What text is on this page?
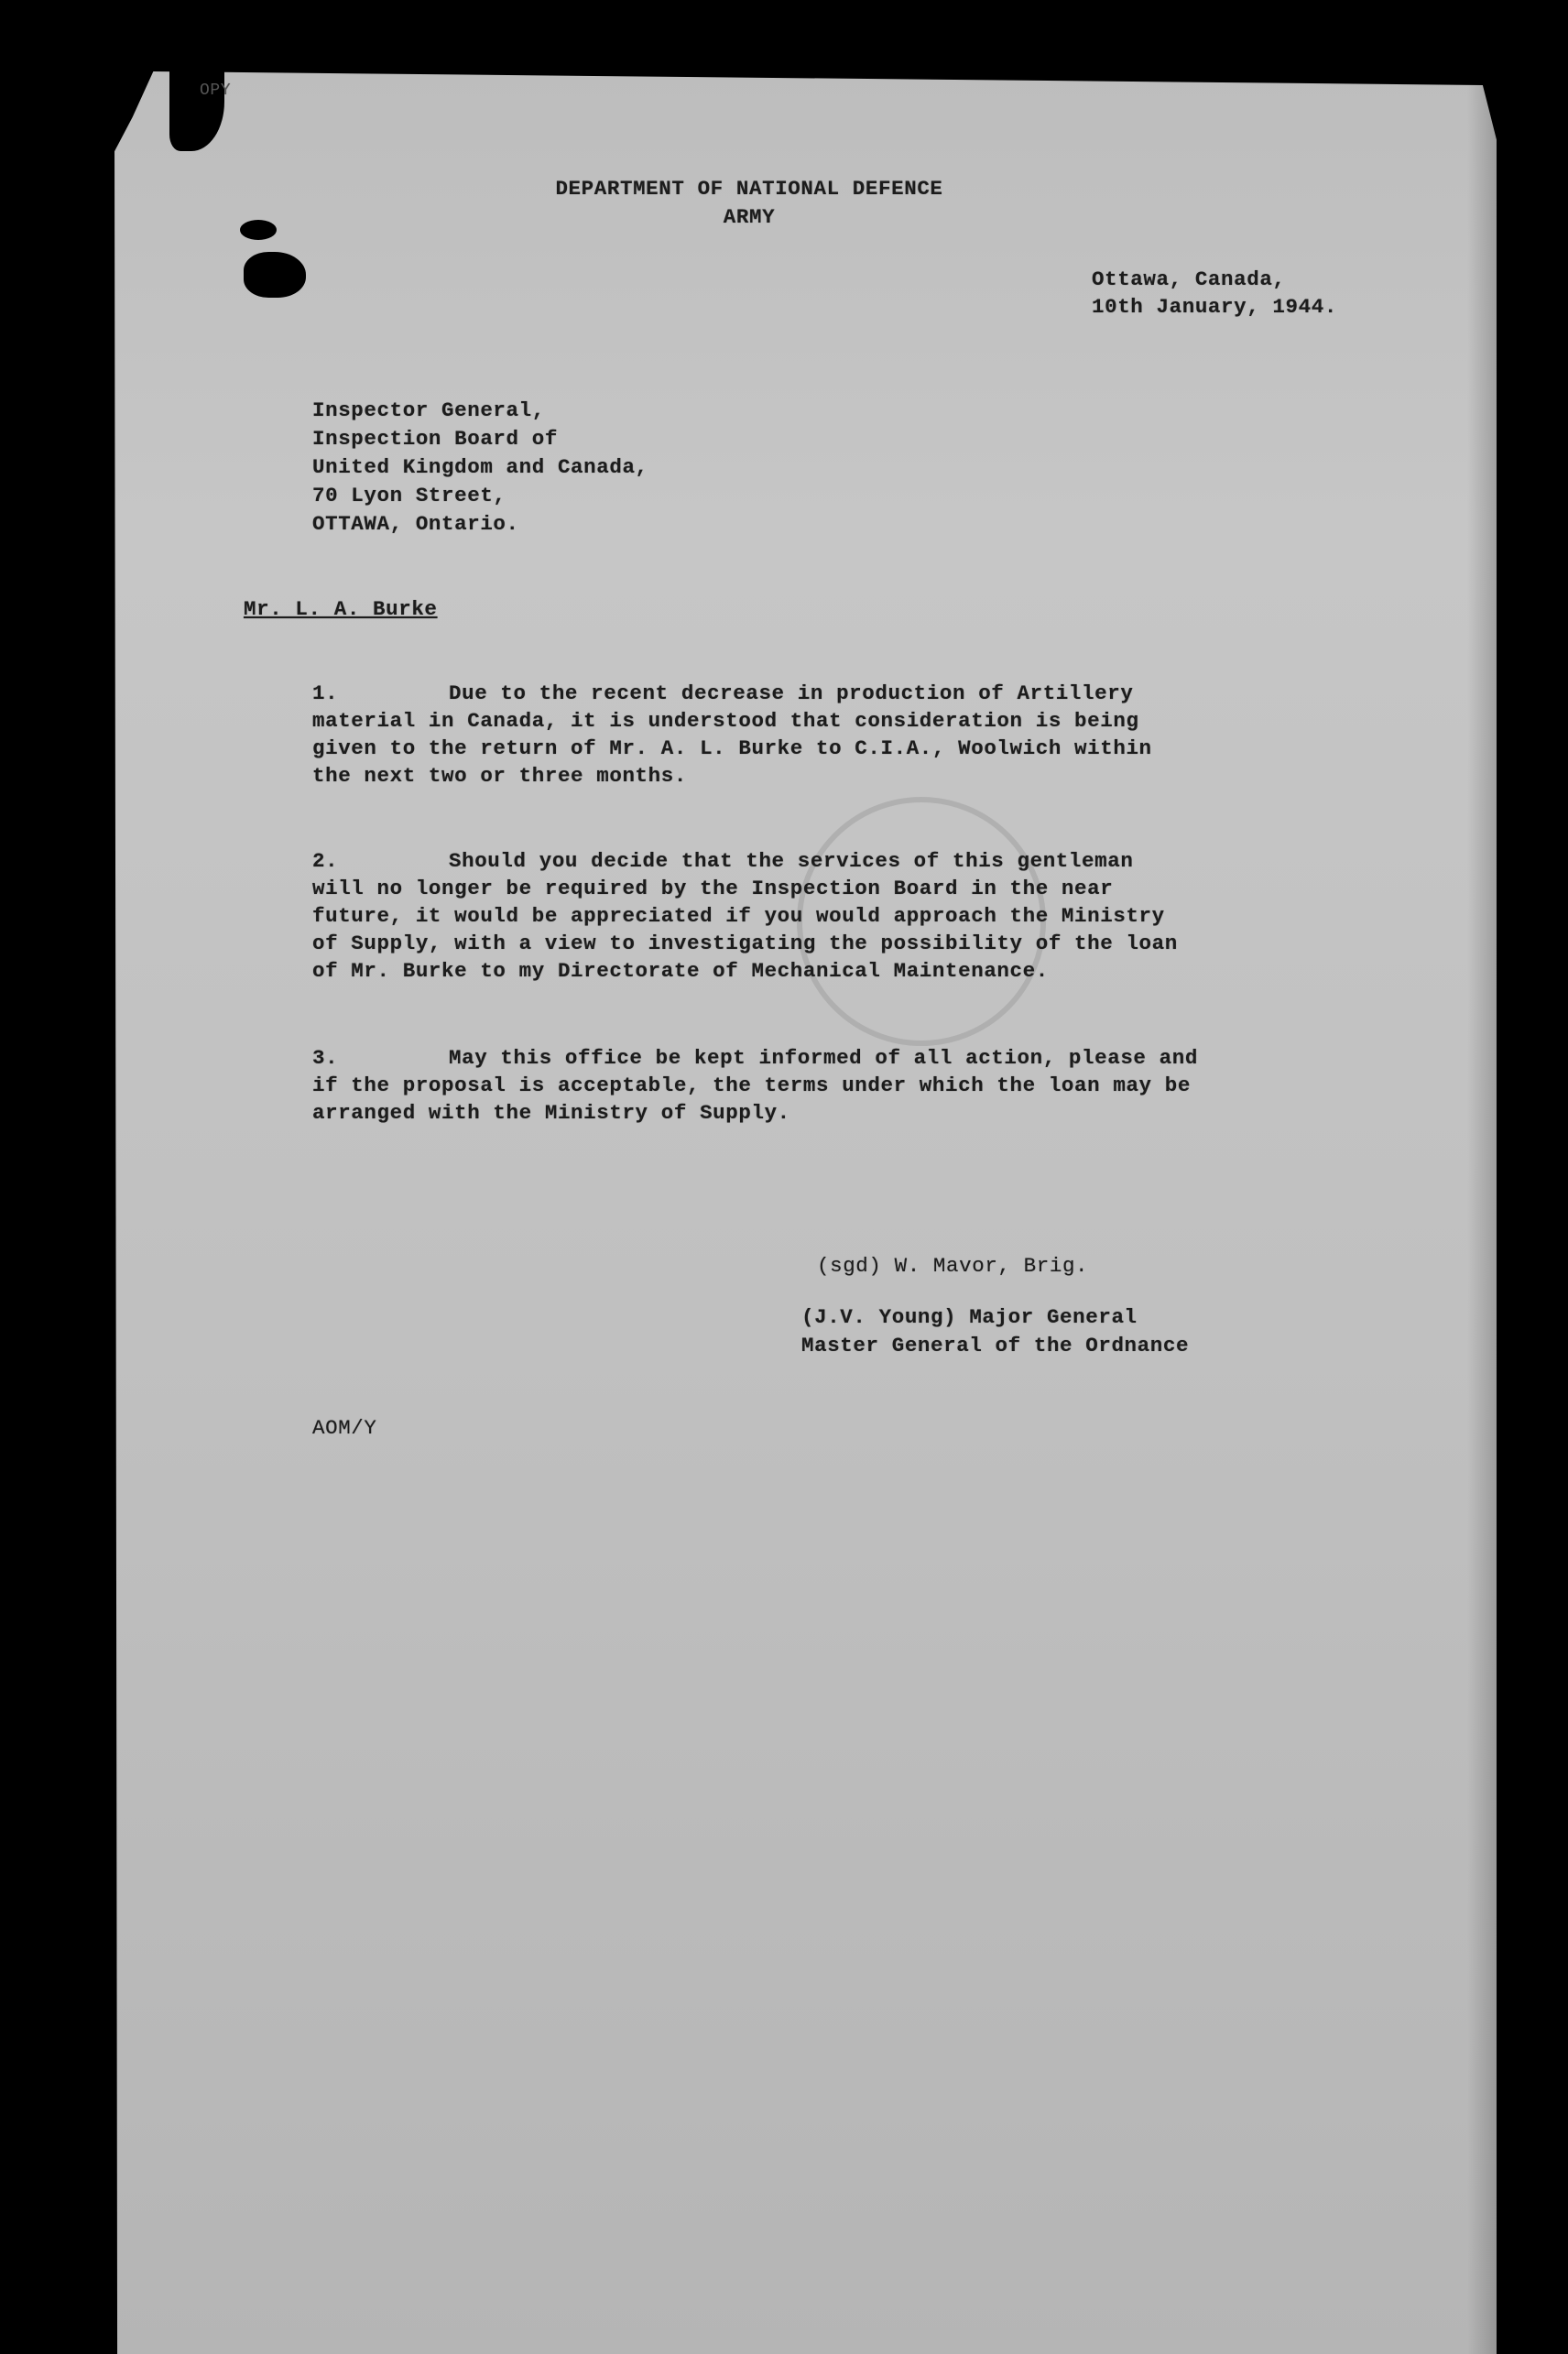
OPY
DEPARTMENT OF NATIONAL DEFENCE
ARMY
Ottawa, Canada,
10th January, 1944.
Inspector General,
Inspection Board of
United Kingdom and Canada,
70 Lyon Street,
OTTAWA, Ontario.
Mr. L. A. Burke
1.	Due to the recent decrease in production of Artillery
material in Canada, it is understood that consideration is being
given to the return of Mr. A. L. Burke to C.I.A., Woolwich within
the next two or three months.
2.	Should you decide that the services of this gentleman
will no longer be required by the Inspection Board in the near
future, it would be appreciated if you would approach the Ministry
of Supply, with a view to investigating the possibility of the loan
of Mr. Burke to my Directorate of Mechanical Maintenance.
3.	May this office be kept informed of all action, please and
if the proposal is acceptable, the terms under which the loan may be
arranged with the Ministry of Supply.
(sgd) W. Mavor, Brig.
(J.V. Young) Major General
Master General of the Ordnance
AOM/Y
